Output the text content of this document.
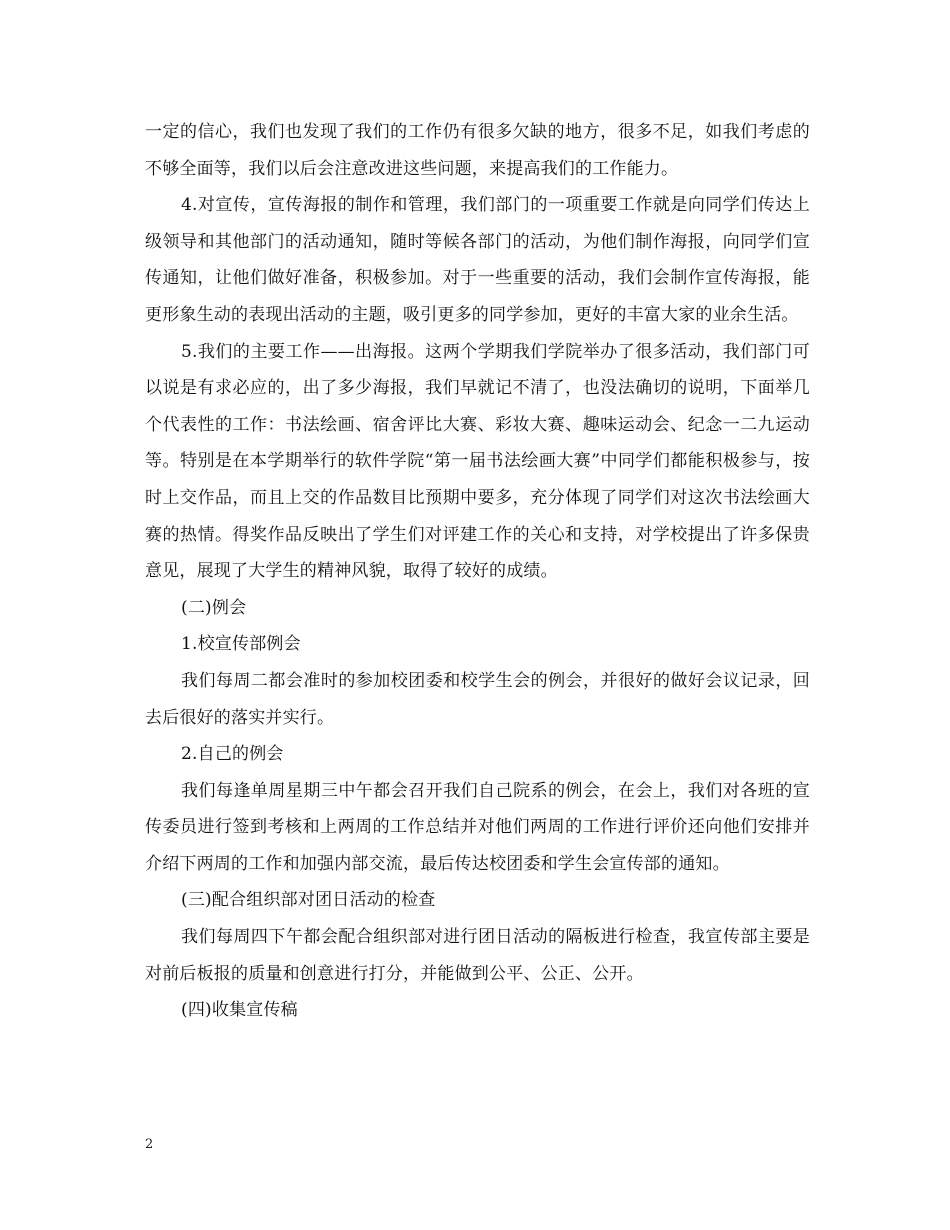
一定的信心，我们也发现了我们的工作仍有很多欠缺的地方，很多不足，如我们考虑的不够全面等，我们以后会注意改进这些问题，来提高我们的工作能力。

4.对宣传，宣传海报的制作和管理，我们部门的一项重要工作就是向同学们传达上级领导和其他部门的活动通知，随时等候各部门的活动，为他们制作海报，向同学们宣传通知，让他们做好准备，积极参加。对于一些重要的活动，我们会制作宣传海报，能更形象生动的表现出活动的主题，吸引更多的同学参加，更好的丰富大家的业余生活。

5.我们的主要工作——出海报。这两个学期我们学院举办了很多活动，我们部门可以说是有求必应的，出了多少海报，我们早就记不清了，也没法确切的说明，下面举几个代表性的工作：书法绘画、宿舍评比大赛、彩妆大赛、趣味运动会、纪念一二九运动等。特别是在本学期举行的软件学院“第一届书法绘画大赛”中同学们都能积极参与，按时上交作品，而且上交的作品数目比预期中要多，充分体现了同学们对这次书法绘画大赛的热情。得奖作品反映出了学生们对评建工作的关心和支持，对学校提出了许多保贵意见，展现了大学生的精神风貌，取得了较好的成绩。

(二)例会

1.校宣传部例会

我们每周二都会准时的参加校团委和校学生会的例会，并很好的做好会议记录，回去后很好的落实并实行。

2.自己的例会

我们每逢单周星期三中午都会召开我们自己院系的例会，在会上，我们对各班的宣传委员进行签到考核和上两周的工作总结并对他们两周的工作进行评价还向他们安排并介绍下两周的工作和加强内部交流，最后传达校团委和学生会宣传部的通知。

(三)配合组织部对团日活动的检查

我们每周四下午都会配合组织部对进行团日活动的隔板进行检查，我宣传部主要是对前后板报的质量和创意进行打分，并能做到公平、公正、公开。

(四)收集宣传稿

2
